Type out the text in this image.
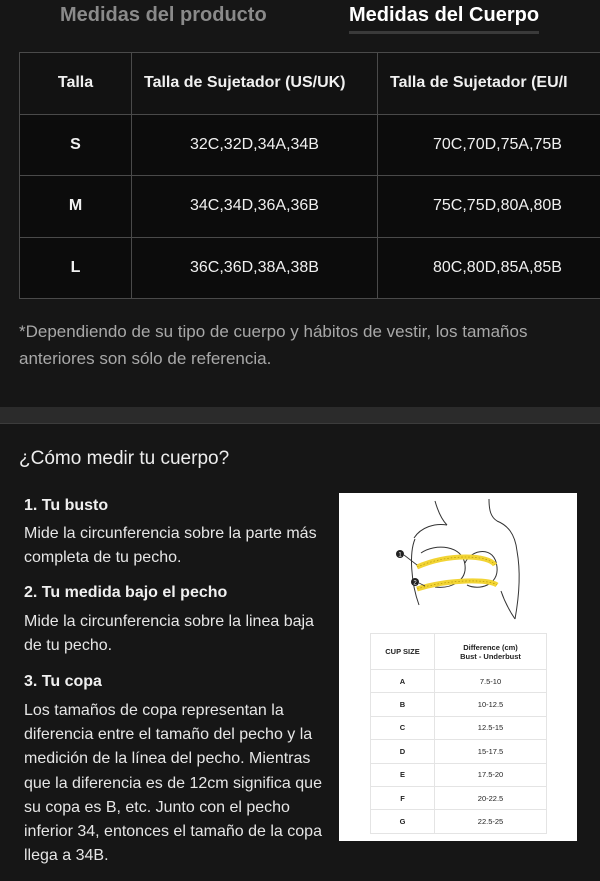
Medidas del producto	Medidas del Cuerpo
Talla	Talla de Sujetador (US/UK)	Talla de Sujetador (EU/I
S	32C,32D,34A,34B	70C,70D,75A,75B
M	34C,34D,36A,36B	75C,75D,80A,80B
L	36C,36D,38A,38B	80C,80D,85A,85B
*Dependiendo de su tipo de cuerpo y hábitos de vestir, los tamaños anteriores son sólo de referencia.
¿Cómo medir tu cuerpo?
1. Tu busto
Mide la circunferencia sobre la parte más completa de tu pecho.
2. Tu medida bajo el pecho
Mide la circunferencia sobre la linea baja de tu pecho.
3. Tu copa
Los tamaños de copa representan la diferencia entre el tamaño del pecho y la medición de la línea del pecho. Mientras que la diferencia es de 12cm significa que su copa es B, etc. Junto con el pecho inferior 34, entonces el tamaño de la copa llega a 34B.
1
2
CUP SIZE	Difference (cm)
Bust - Underbust
A	7.5-10
B	10-12.5
C	12.5-15
D	15-17.5
E	17.5-20
F	20-22.5
G	22.5-25
